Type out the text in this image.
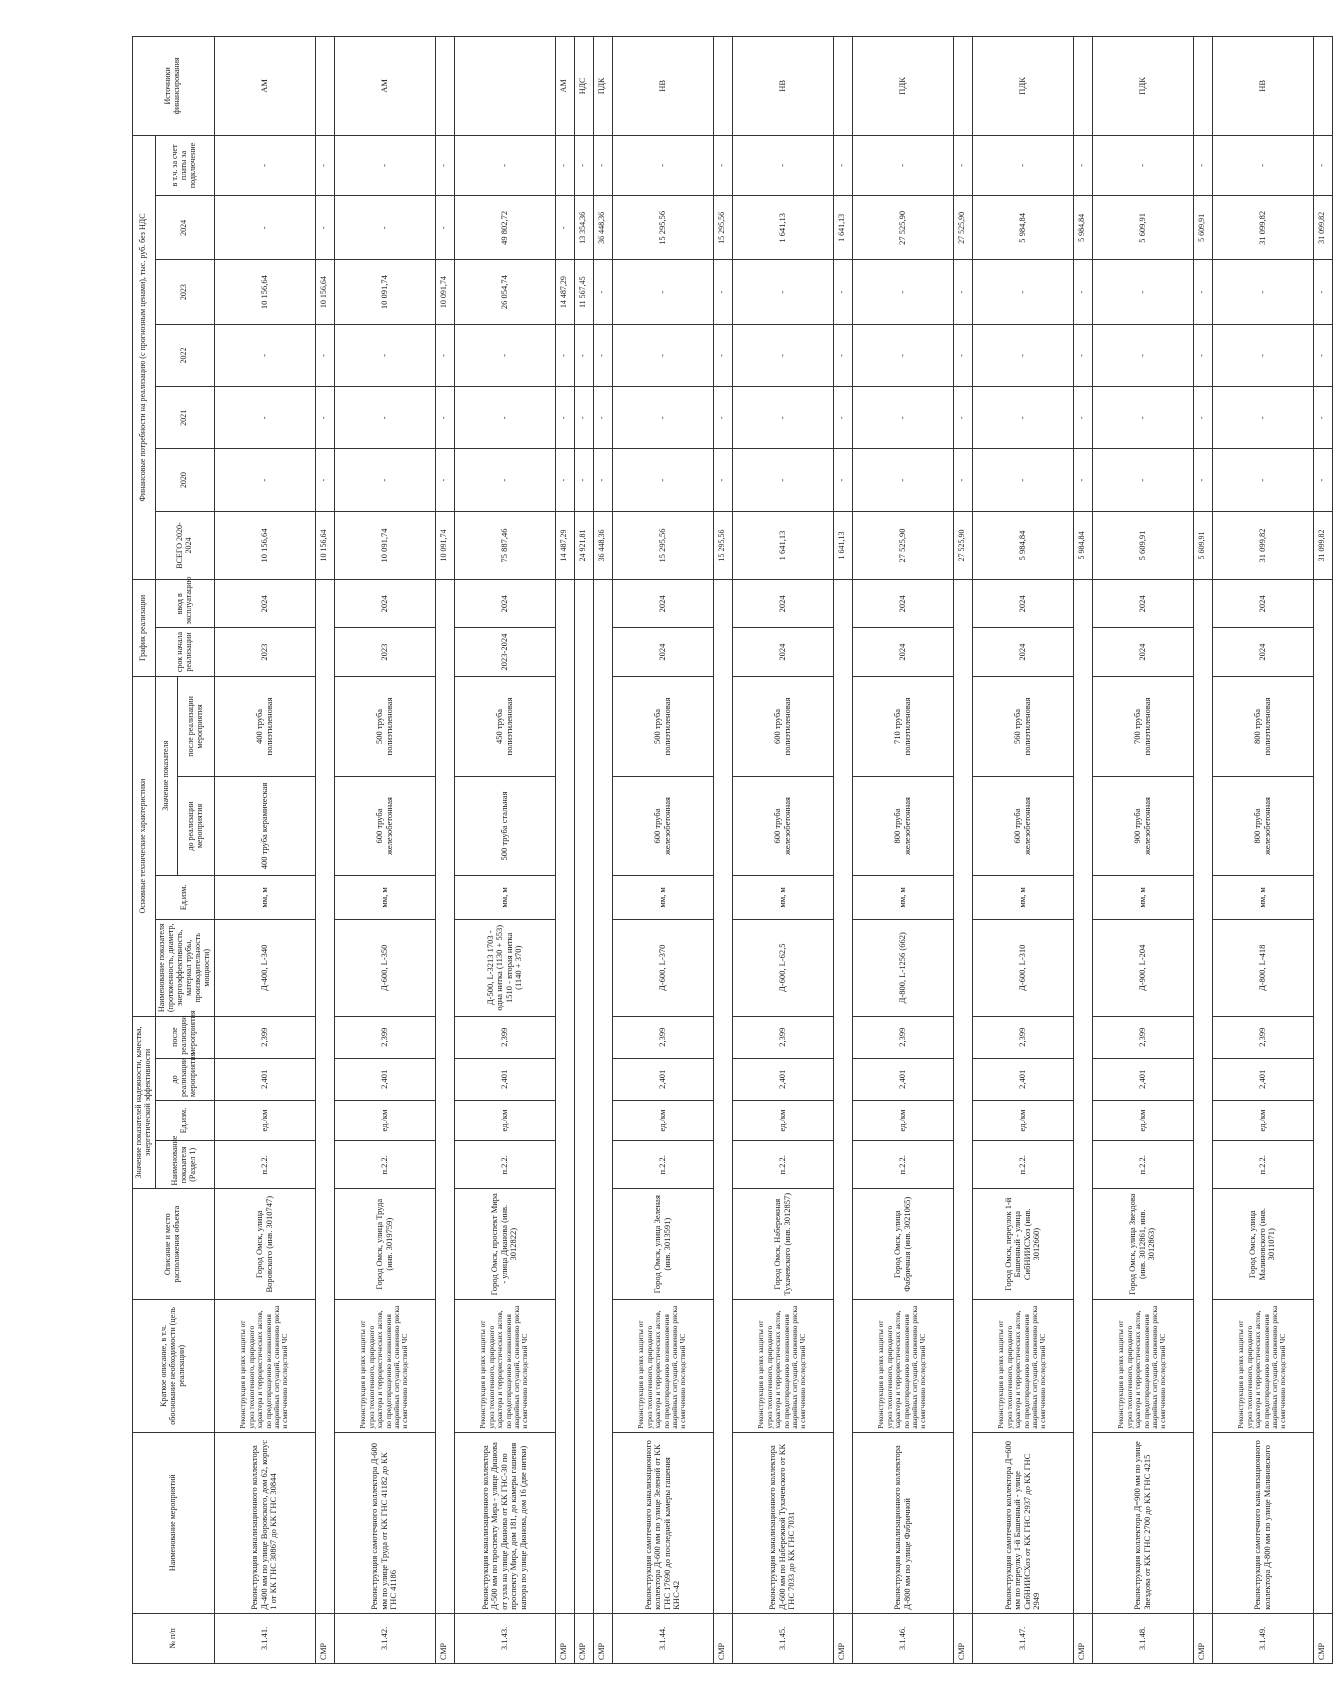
№ п/п	Наименование мероприятий	Краткое описание, в т.ч. обоснование необходимости (цель реализации)	Описание и место расположения объекта	Значение показателей надежности, качества, энергетической эффективности				Основные технические характеристики				График реализации		Финансовые потребности на реализацию (с прогнозным ценами), тыс. руб. без НДС							Источники финансирования
				Наименование показателя (Раздел 1)	Ед.изм.	до реализации мероприятия	после реализации мероприятия	Наименование показателя (протяженность, диаметр, энергоэффективность, материал трубы, производительность мощности)	Ед.изм.	Значение показателя		срок начала реализации	ввод в эксплуатацию	ВСЕГО 2020-2024	2020	2021	2022	2023	2024	в т.ч. за счет платы за подключение	
										до реализации мероприятия	после реализации мероприятия										
3.1.41.	Реконструкция канализационного коллектора Д-400 мм по улице Воровского, дом 62, корпус 1 от КК ГНС 30867 до КК ГНС 30844	Реконструкция в целях защиты от угроз техногенного, природного характера и террористических актов, по предотвращению возникновения аварийных ситуаций, снижению риска и смягчению последствий ЧС	Город Омск, улица Воровского (инв. 3010747)	п.2.2.	ед./км	2,401	2,399	Д-400, L-340	мм, м	400 труба керамическая	400 труба полиэтиленовая	2023	2024	10 156,64	-	-	-	10 156,64	-	-	АМ
СМР														10 156,64	-	-	-	10 156,64	-	-	
3.1.42.	Реконструкция самотечного коллектора Д-600 мм по улице Труда от КК ГНС 41182 до КК ГНС 41186	Реконструкция в целях защиты от угроз техногенного, природного характера и террористических актов, по предотвращению возникновения аварийных ситуаций, снижению риска и смягчению последствий ЧС	Город Омск, улица Труда (инв. 3019759)	п.2.2.	ед./км	2,401	2,399	Д-600, L-350	мм, м	600 труба железобетонная	500 труба полиэтиленовая	2023	2024	10 091,74	-	-	-	10 091,74	-	-	АМ
СМР														10 091,74	-	-	-	10 091,74	-	-	
3.1.43.	Реконструкция канализационного коллектора Д-500 мм по проспекту Мира - улице Дианова от узла на улице Дианова от КК ГНС-30 по проспекту Мира, дом 181, до камеры гашения напора по улице Дианова, дом 16 (две нитки)	Реконструкция в целях защиты от угроз техногенного, природного характера и террористических актов, по предотвращению возникновения аварийных ситуаций, снижению риска и смягчению последствий ЧС	Город Омск, проспект Мира - улица Дианова (инв. 3012822)	п.2.2.	ед./км	2,401	2,399	Д-500, L-3213 1703 - одна нитка (1130 + 553) 1510 - вторая нитка (1140 + 370)	мм, м	500 труба стальная	450 труба полиэтиленовая	2023-2024	2024	75 887,46	-	-	-	26 054,74	49 802,72	-	
СМР														14 487,29	-	-	-	14 487,29	-	-	АМ
СМР														24 921,81	-	-	-	11 567,45	13 354,36	-	НДС
СМР														36 448,36	-	-	-	-	36 448,36	-	ПДК
3.1.44.	Реконструкция самотечного канализационного коллектора Д-600 мм по улице Зеленой от КК ГНС 17690 до последней камеры гашения КНС-42	Реконструкция в целях защиты от угроз техногенного, природного характера и террористических актов, по предотвращению возникновения аварийных ситуаций, снижению риска и смягчению последствий ЧС	Город Омск, улица Зеленая (инв. 3013591)	п.2.2.	ед./км	2,401	2,399	Д-600, L-370	мм, м	600 труба железобетонная	500 труба полиэтиленовая	2024	2024	15 295,56	-	-	-	-	15 295,56	-	НВ
СМР														15 295,56	-	-	-	-	15 295,56	-	
3.1.45.	Реконструкция канализационного коллектора Д-600 мм по Набережной Тухачевского от КК ГНС 7033 до КК ГНС 7031	Реконструкция в целях защиты от угроз техногенного, природного характера и террористических актов, по предотвращению возникновения аварийных ситуаций, снижению риска и смягчению последствий ЧС	Город Омск, Набережная Тухачевского (инв. 3012857)	п.2.2.	ед./км	2,401	2,399	Д-600, L-62,5	мм, м	600 труба железобетонная	600 труба полиэтиленовая	2024	2024	1 641,13	-	-	-	-	1 641,13	-	НВ
СМР														1 641,13	-	-	-	-	1 641,13	-	
3.1.46.	Реконструкция канализационного коллектора Д-800 мм по улице Фабричной	Реконструкция в целях защиты от угроз техногенного, природного характера и террористических актов, по предотвращению возникновения аварийных ситуаций, снижению риска и смягчению последствий ЧС	Город Омск, улица Фабричная (инв. 3021065)	п.2.2.	ед./км	2,401	2,399	Д-800, L-1256 (662)	мм, м	800 труба железобетонная	710 труба полиэтиленовая	2024	2024	27 525,90	-	-	-	-	27 525,90	-	ПДК
СМР														27 525,90	-	-	-	-	27 525,90	-	
3.1.47.	Реконструкция самотечного коллектора Д=600 мм по переулку 1-й Башенный - улице СибНИИСХоз от КК ГНС 2937 до КК ГНС 2949	Реконструкция в целях защиты от угроз техногенного, природного характера и террористических актов, по предотвращению возникновения аварийных ситуаций, снижению риска и смягчению последствий ЧС	Город Омск, переулок 1-й Башенный - улица СибНИИСХоз (инв. 3012660)	п.2.2.	ед./км	2,401	2,399	Д-600, L-310	мм, м	600 труба железобетонная	560 труба полиэтиленовая	2024	2024	5 984,84	-	-	-	-	5 984,84	-	ПДК
СМР														5 984,84	-	-	-	-	5 984,84	-	
3.1.48.	Реконструкция коллектора Д=900 мм по улице Звездова от КК ГНС 2700 до КК ГНС 4215	Реконструкция в целях защиты от угроз техногенного, природного характера и террористических актов, по предотвращению возникновения аварийных ситуаций, снижению риска и смягчению последствий ЧС	Город Омск, улица Звездова (инв. 3012861, инв. 3012863)	п.2.2.	ед./км	2,401	2,399	Д-900, L-204	мм, м	900 труба железобетонная	700 труба полиэтиленовая	2024	2024	5 609,91	-	-	-	-	5 609,91	-	ПДК
СМР														5 609,91	-	-	-	-	5 609,91	-	
3.1.49.	Реконструкция самотечного канализационного коллектора Д-800 мм по улице Малиновского	Реконструкция в целях защиты от угроз техногенного, природного характера и террористических актов, по предотвращению возникновения аварийных ситуаций, снижению риска и смягчению последствий ЧС	Город Омск, улица Малиновского (инв. 3011071)	п.2.2.	ед./км	2,401	2,399	Д-800, L-418	мм, м	800 труба железобетонная	800 труба полиэтиленовая	2024	2024	31 099,82	-	-	-	-	31 099,82	-	НВ
СМР														31 099,82	-	-	-	-	31 099,82	-	
